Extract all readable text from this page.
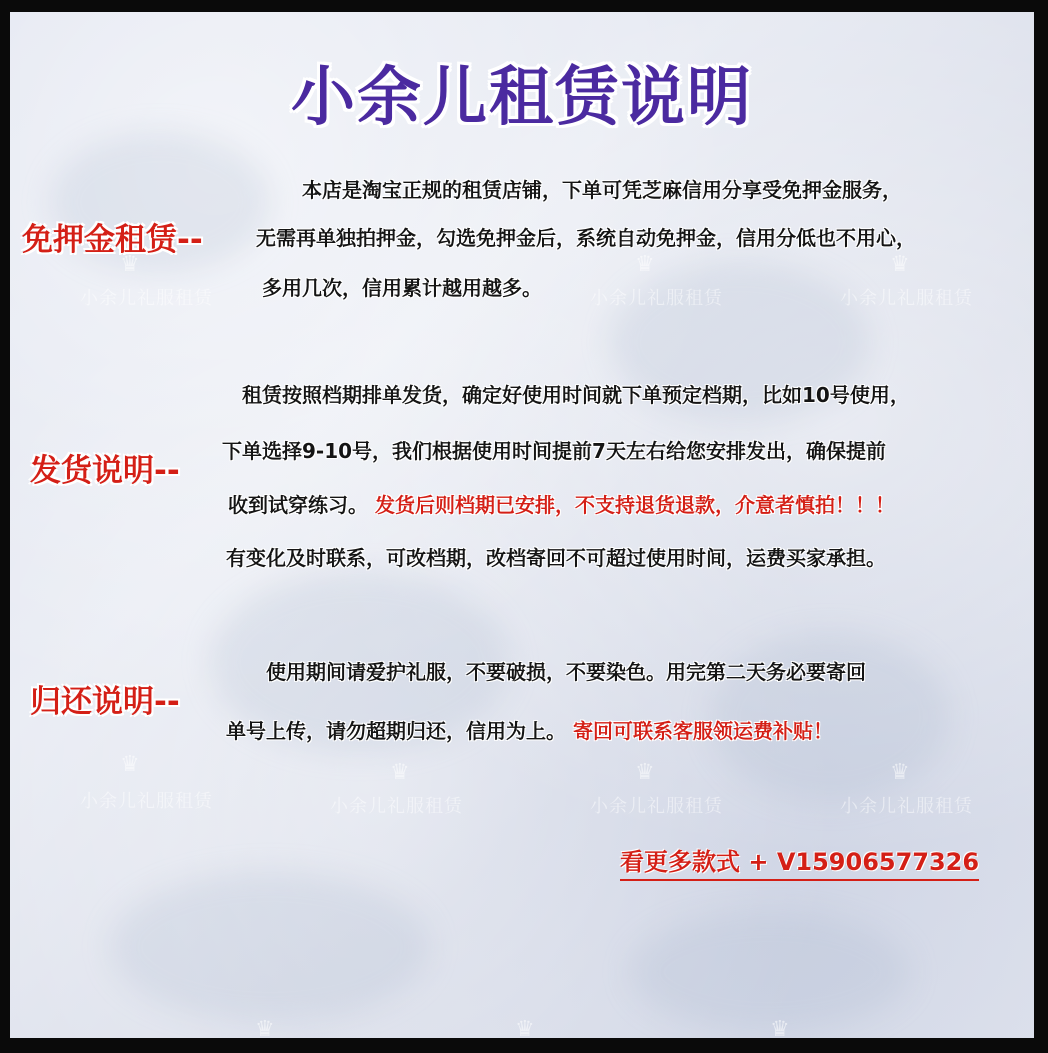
♛
小余儿礼服租赁
♛
小余儿礼服租赁
♛
小余儿礼服租赁
♛
小余儿礼服租赁
♛
小余儿礼服租赁
♛
小余儿礼服租赁
♛
小余儿礼服租赁
♛	♛	♛
小余儿租赁说明
免押金租赁--
本店是淘宝正规的租赁店铺，下单可凭芝麻信用分享受免押金服务，
无需再单独拍押金，勾选免押金后，系统自动免押金，信用分低也不用心，
多用几次，信用累计越用越多。
发货说明--
租赁按照档期排单发货，确定好使用时间就下单预定档期，比如10号使用，
下单选择9-10号，我们根据使用时间提前7天左右给您安排发出，确保提前
收到试穿练习。 发货后则档期已安排，不支持退货退款，介意者慎拍！！！
有变化及时联系，可改档期，改档寄回不可超过使用时间，运费买家承担。
归还说明--
使用期间请爱护礼服，不要破损，不要染色。用完第二天务必要寄回
单号上传，请勿超期归还，信用为上。 寄回可联系客服领运费补贴！
看更多款式 + V15906577326
